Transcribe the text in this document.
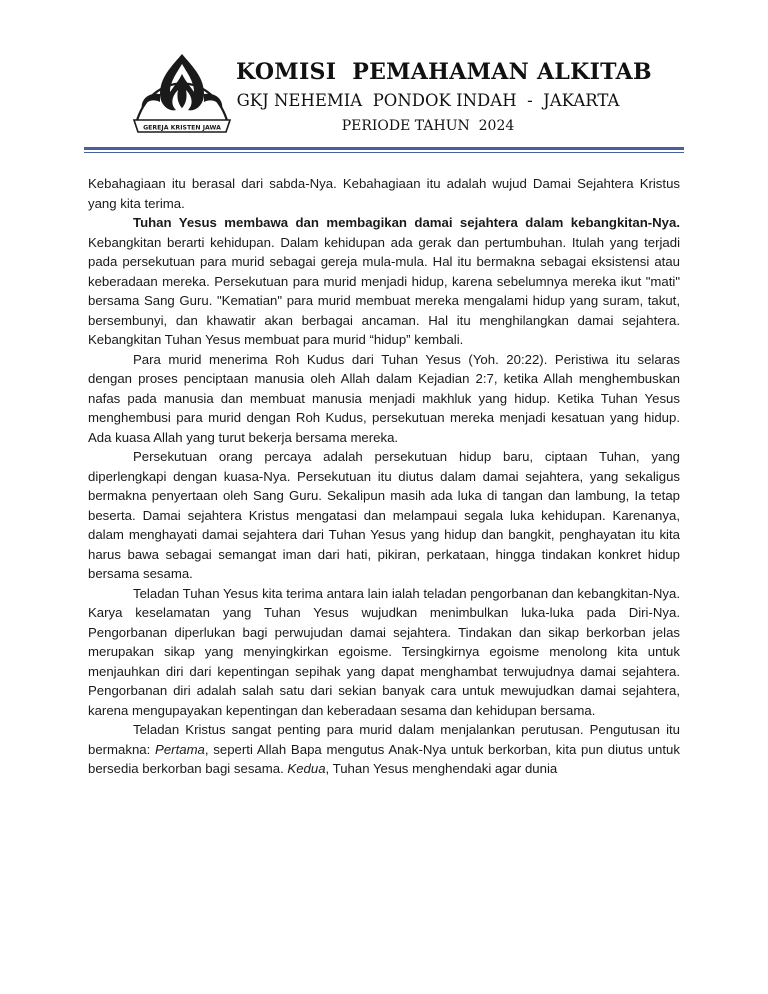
GEREJA KRISTEN JAWA
KOMISI  PEMAHAMAN ALKITAB
GKJ NEHEMIA  PONDOK INDAH  -  JAKARTA
PERIODE TAHUN  2024

Kebahagiaan itu berasal dari sabda-Nya. Kebahagiaan itu adalah wujud Damai Sejahtera Kristus yang kita terima.

Tuhan Yesus membawa dan membagikan damai sejahtera dalam kebangkitan-Nya. Kebangkitan berarti kehidupan. Dalam kehidupan ada gerak dan pertumbuhan. Itulah yang terjadi pada persekutuan para murid sebagai gereja mula-mula. Hal itu bermakna sebagai eksistensi atau keberadaan mereka. Persekutuan para murid menjadi hidup, karena sebelumnya mereka ikut "mati" bersama Sang Guru. "Kematian" para murid membuat mereka mengalami hidup yang suram, takut, bersembunyi, dan khawatir akan berbagai ancaman. Hal itu menghilangkan damai sejahtera. Kebangkitan Tuhan Yesus membuat para murid “hidup” kembali.

Para murid menerima Roh Kudus dari Tuhan Yesus (Yoh. 20:22). Peristiwa itu selaras dengan proses penciptaan manusia oleh Allah dalam Kejadian 2:7, ketika Allah menghembuskan nafas pada manusia dan membuat manusia menjadi makhluk yang hidup. Ketika Tuhan Yesus menghembusi para murid dengan Roh Kudus, persekutuan mereka menjadi kesatuan yang hidup. Ada kuasa Allah yang turut bekerja bersama mereka.

Persekutuan orang percaya adalah persekutuan hidup baru, ciptaan Tuhan, yang diperlengkapi dengan kuasa-Nya. Persekutuan itu diutus dalam damai sejahtera, yang sekaligus bermakna penyertaan oleh Sang Guru. Sekalipun masih ada luka di tangan dan lambung, Ia tetap beserta. Damai sejahtera Kristus mengatasi dan melampaui segala luka kehidupan. Karenanya, dalam menghayati damai sejahtera dari Tuhan Yesus yang hidup dan bangkit, penghayatan itu kita harus bawa sebagai semangat iman dari hati, pikiran, perkataan, hingga tindakan konkret hidup bersama sesama.

Teladan Tuhan Yesus kita terima antara lain ialah teladan pengorbanan dan kebangkitan-Nya. Karya keselamatan yang Tuhan Yesus wujudkan menimbulkan luka-luka pada Diri-Nya. Pengorbanan diperlukan bagi perwujudan damai sejahtera. Tindakan dan sikap berkorban jelas merupakan sikap yang menyingkirkan egoisme. Tersingkirnya egoisme menolong kita untuk menjauhkan diri dari kepentingan sepihak yang dapat menghambat terwujudnya damai sejahtera. Pengorbanan diri adalah salah satu dari sekian banyak cara untuk mewujudkan damai sejahtera, karena mengupayakan kepentingan dan keberadaan sesama dan kehidupan bersama.

Teladan Kristus sangat penting para murid dalam menjalankan perutusan. Pengutusan itu bermakna: Pertama, seperti Allah Bapa mengutus Anak-Nya untuk berkorban, kita pun diutus untuk bersedia berkorban bagi sesama. Kedua, Tuhan Yesus menghendaki agar dunia
